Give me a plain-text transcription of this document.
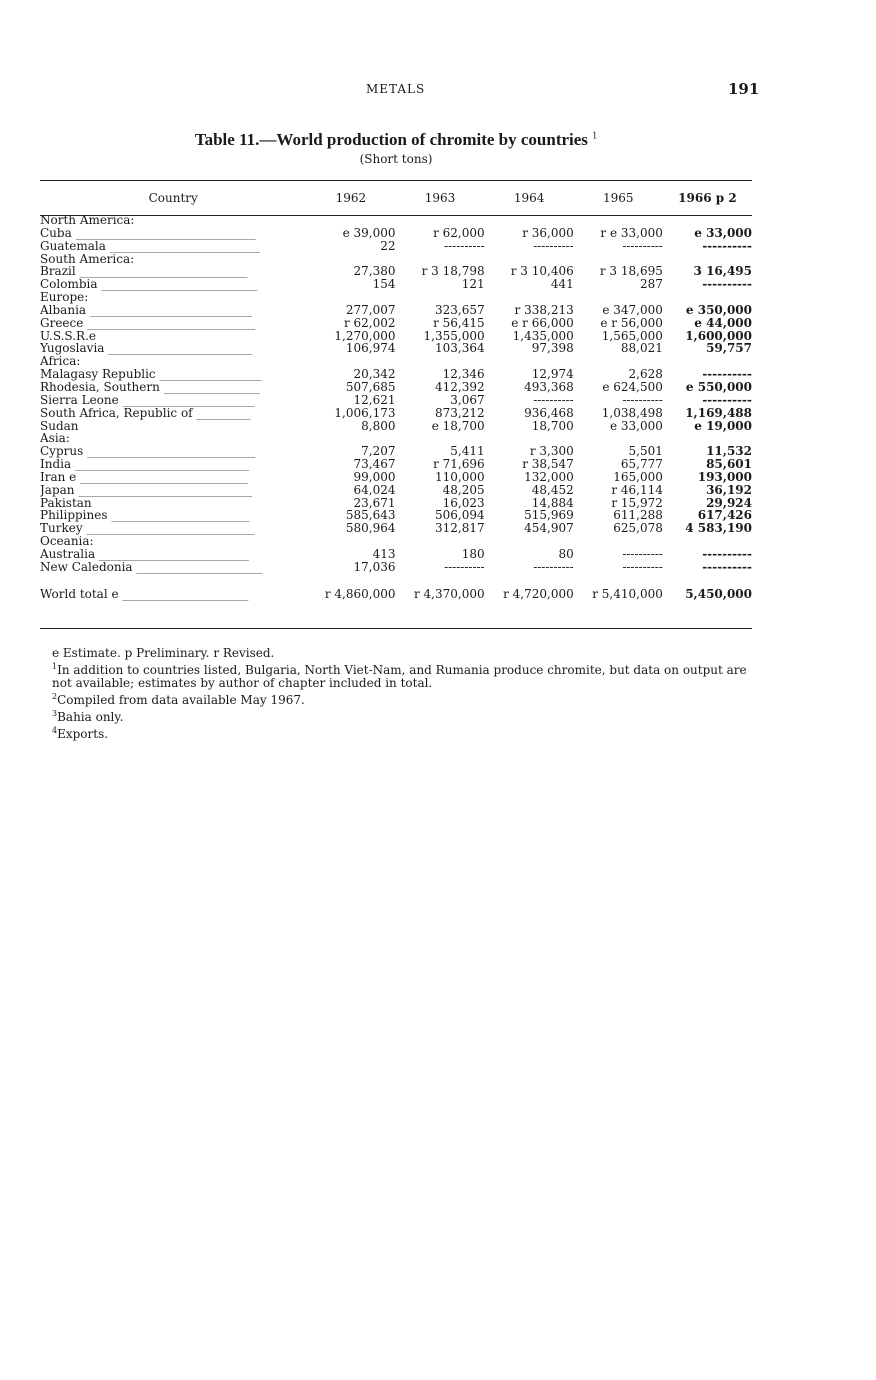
METALS	191
Table 11.—World production of chromite by countries $^1$
(Short tons)
Country	1962	1963	1964	1965	1966 p 2
North America:					
Cuba ______________________________	e 39,000	r 62,000	r 36,000	r e 33,000	e 33,000
Guatemala _________________________	22	----------	----------	----------	----------
South America:					
Brazil ____________________________	27,380	r 3 18,798	r 3 10,406	r 3 18,695	3 16,495
Colombia __________________________	154	121	441	287	----------
Europe:					
Albania ___________________________	277,007	323,657	r 338,213	e 347,000	e 350,000
Greece ____________________________	r 62,002	r 56,415	e r 66,000	e r 56,000	e 44,000
U.S.S.R.e _________________________	1,270,000	1,355,000	1,435,000	1,565,000	1,600,000
Yugoslavia ________________________	106,974	103,364	97,398	88,021	59,757
Africa:					
Malagasy Republic _________________	20,342	12,346	12,974	2,628	----------
Rhodesia, Southern ________________	507,685	412,392	493,368	e 624,500	e 550,000
Sierra Leone ______________________	12,621	3,067	----------	----------	----------
South Africa, Republic of _________	1,006,173	873,212	936,468	1,038,498	1,169,488
Sudan _____________________________	8,800	e 18,700	18,700	e 33,000	e 19,000
Asia:					
Cyprus ____________________________	7,207	5,411	r 3,300	5,501	11,532
India _____________________________	73,467	r 71,696	r 38,547	65,777	85,601
Iran e ____________________________	99,000	110,000	132,000	165,000	193,000
Japan _____________________________	64,024	48,205	48,452	r 46,114	36,192
Pakistan __________________________	23,671	16,023	14,884	r 15,972	29,924
Philippines _______________________	585,643	506,094	515,969	611,288	617,426
Turkey ____________________________	580,964	312,817	454,907	625,078	4 583,190
Oceania:					
Australia _________________________	413	180	80	----------	----------
New Caledonia _____________________	17,036	----------	----------	----------	----------

World total e _____________________	r 4,860,000	r 4,370,000	r 4,720,000	r 5,410,000	5,450,000

e Estimate. p Preliminary. r Revised.

$^1$In addition to countries listed, Bulgaria, North Viet-Nam, and Rumania produce chromite, but data on output are not available; estimates by author of chapter included in total.

$^2$Compiled from data available May 1967.

$^3$Bahia only.

$^4$Exports.
